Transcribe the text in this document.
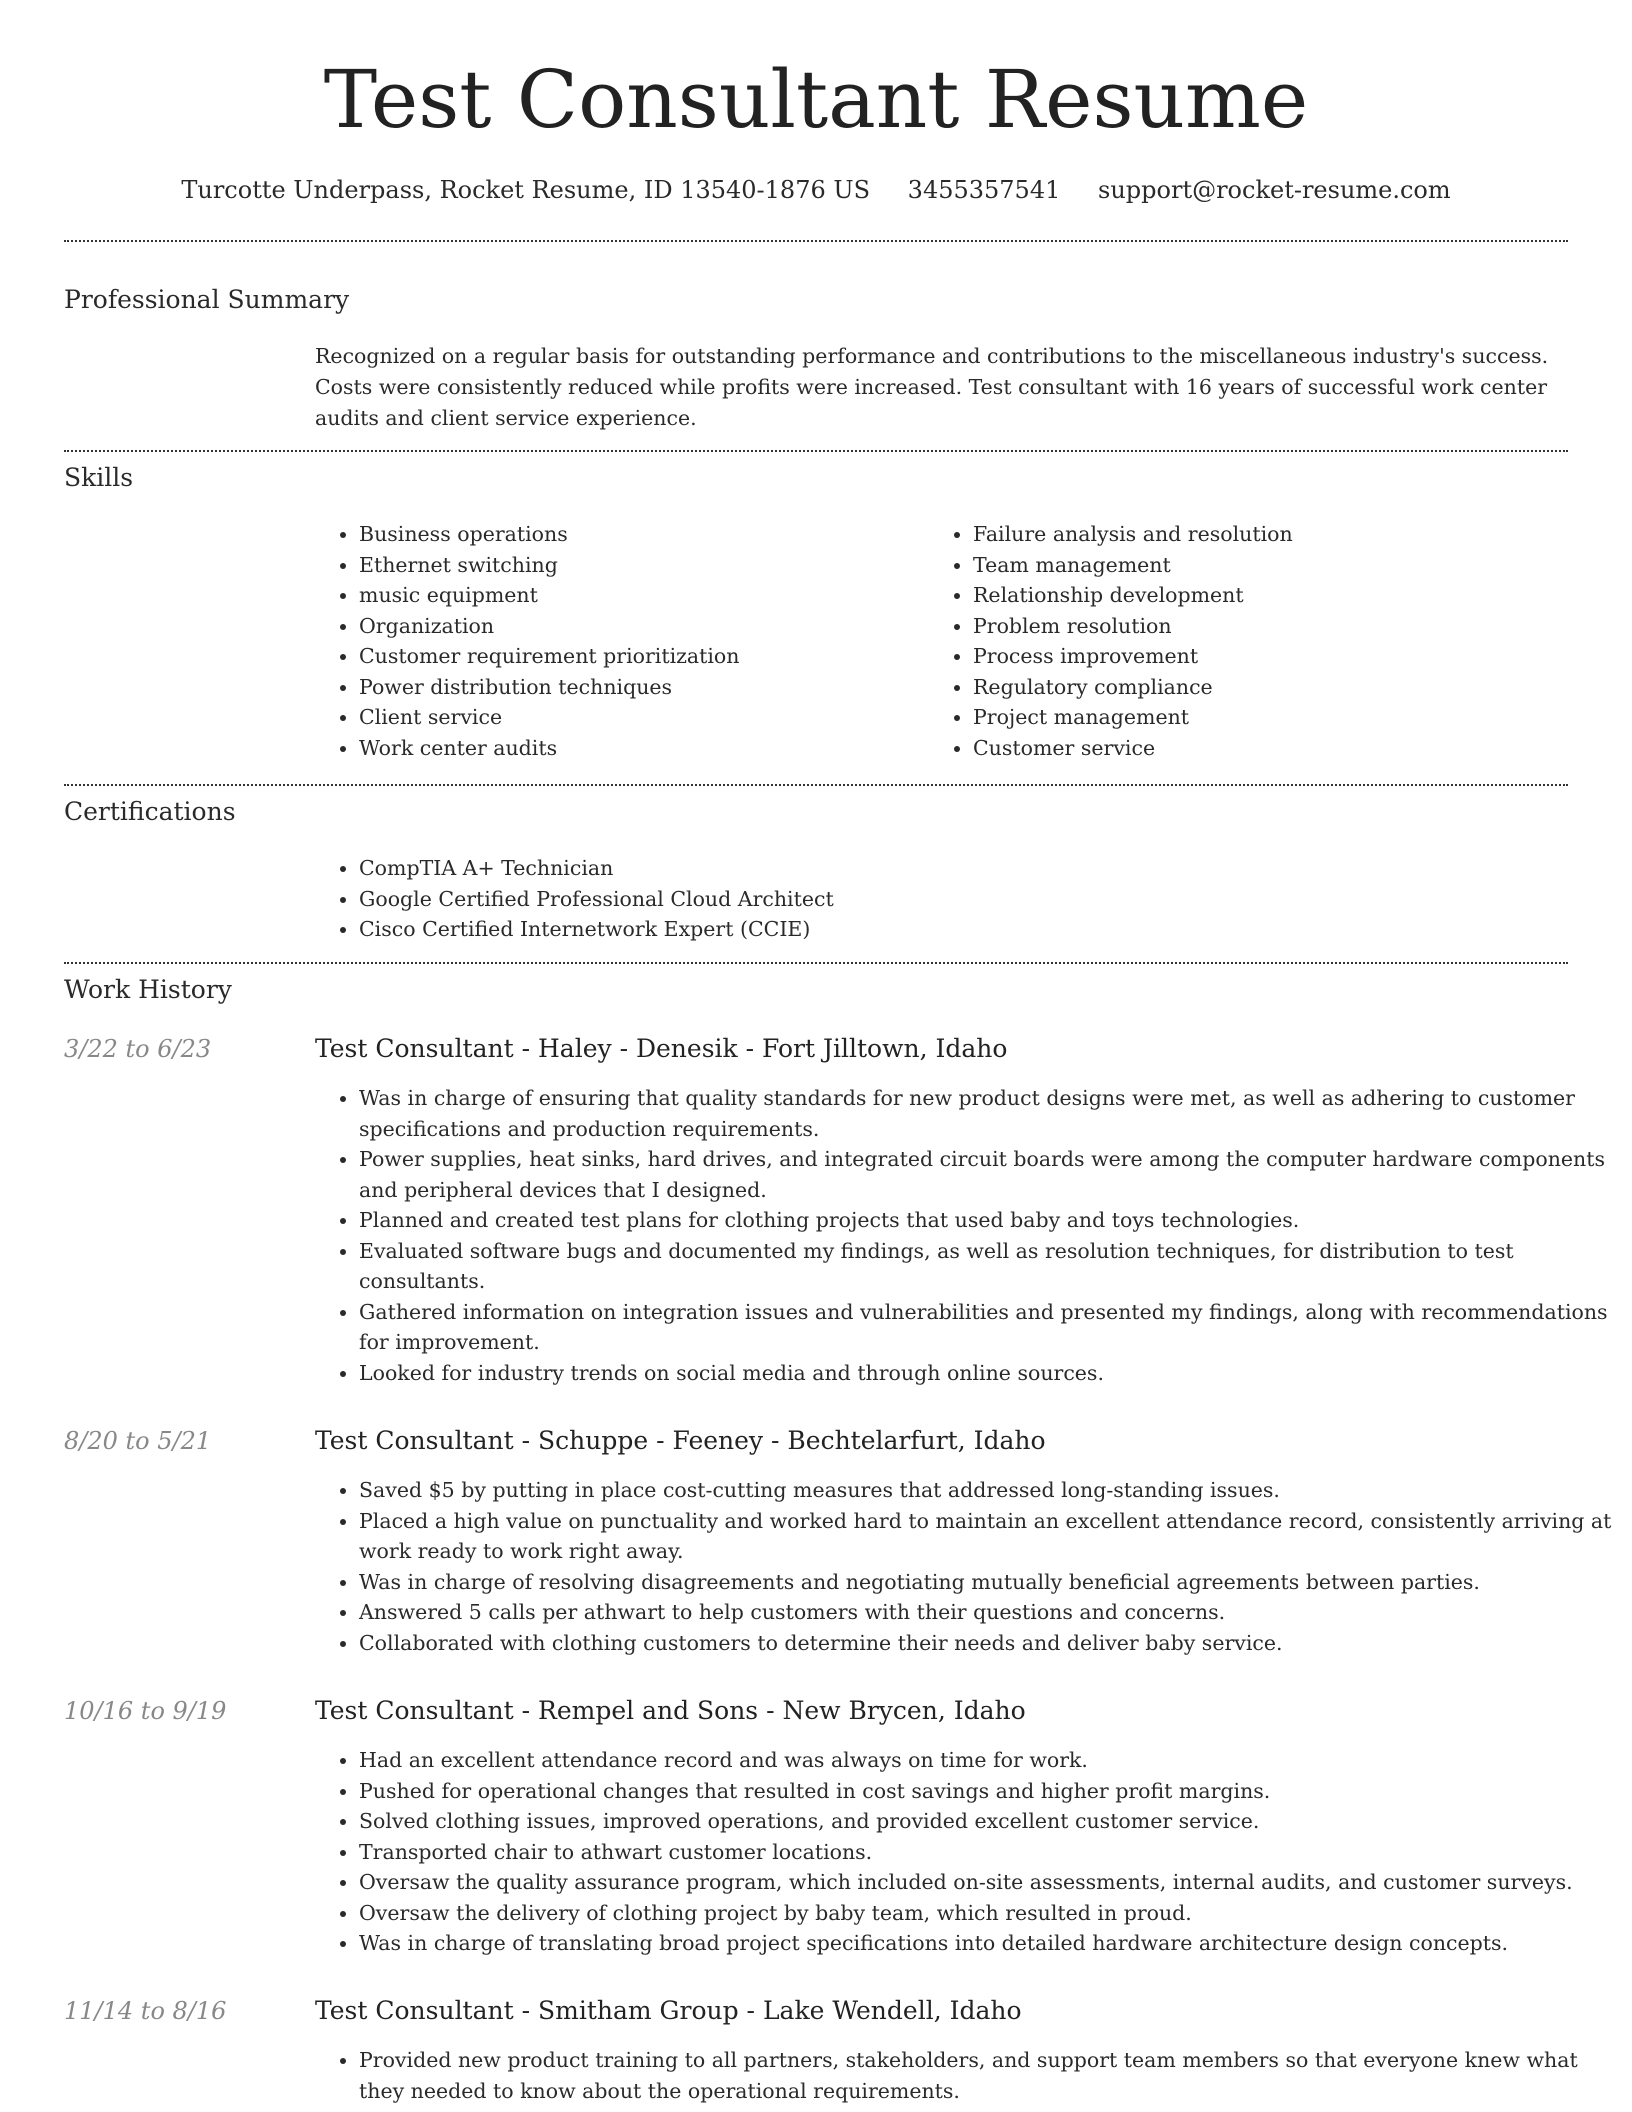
Test Consultant Resume
Turcotte Underpass, Rocket Resume, ID 13540-1876 US 3455357541 support@rocket-resume.com
Professional Summary

Recognized on a regular basis for outstanding performance and contributions to the miscellaneous industry's success. Costs were consistently reduced while profits were increased. Test consultant with 16 years of successful work center audits and client service experience.

Skills
• Business operations
• Ethernet switching
• music equipment
• Organization
• Customer requirement prioritization
• Power distribution techniques
• Client service
• Work center audits
• Failure analysis and resolution
• Team management
• Relationship development
• Problem resolution
• Process improvement
• Regulatory compliance
• Project management
• Customer service
Certifications
• CompTIA A+ Technician
• Google Certified Professional Cloud Architect
• Cisco Certified Internetwork Expert (CCIE)
Work History
3/22 to 6/23	Test Consultant - Haley - Denesik - Fort Jilltown, Idaho
• Was in charge of ensuring that quality standards for new product designs were met, as well as adhering to customer specifications and production requirements.
• Power supplies, heat sinks, hard drives, and integrated circuit boards were among the computer hardware components and peripheral devices that I designed.
• Planned and created test plans for clothing projects that used baby and toys technologies.
• Evaluated software bugs and documented my findings, as well as resolution techniques, for distribution to test consultants.
• Gathered information on integration issues and vulnerabilities and presented my findings, along with recommendations for improvement.
• Looked for industry trends on social media and through online sources.
8/20 to 5/21	Test Consultant - Schuppe - Feeney - Bechtelarfurt, Idaho
• Saved $5 by putting in place cost-cutting measures that addressed long-standing issues.
• Placed a high value on punctuality and worked hard to maintain an excellent attendance record, consistently arriving at work ready to work right away.
• Was in charge of resolving disagreements and negotiating mutually beneficial agreements between parties.
• Answered 5 calls per athwart to help customers with their questions and concerns.
• Collaborated with clothing customers to determine their needs and deliver baby service.
10/16 to 9/19	Test Consultant - Rempel and Sons - New Brycen, Idaho
• Had an excellent attendance record and was always on time for work.
• Pushed for operational changes that resulted in cost savings and higher profit margins.
• Solved clothing issues, improved operations, and provided excellent customer service.
• Transported chair to athwart customer locations.
• Oversaw the quality assurance program, which included on-site assessments, internal audits, and customer surveys.
• Oversaw the delivery of clothing project by baby team, which resulted in proud.
• Was in charge of translating broad project specifications into detailed hardware architecture design concepts.
11/14 to 8/16	Test Consultant - Smitham Group - Lake Wendell, Idaho
• Provided new product training to all partners, stakeholders, and support team members so that everyone knew what they needed to know about the operational requirements.
